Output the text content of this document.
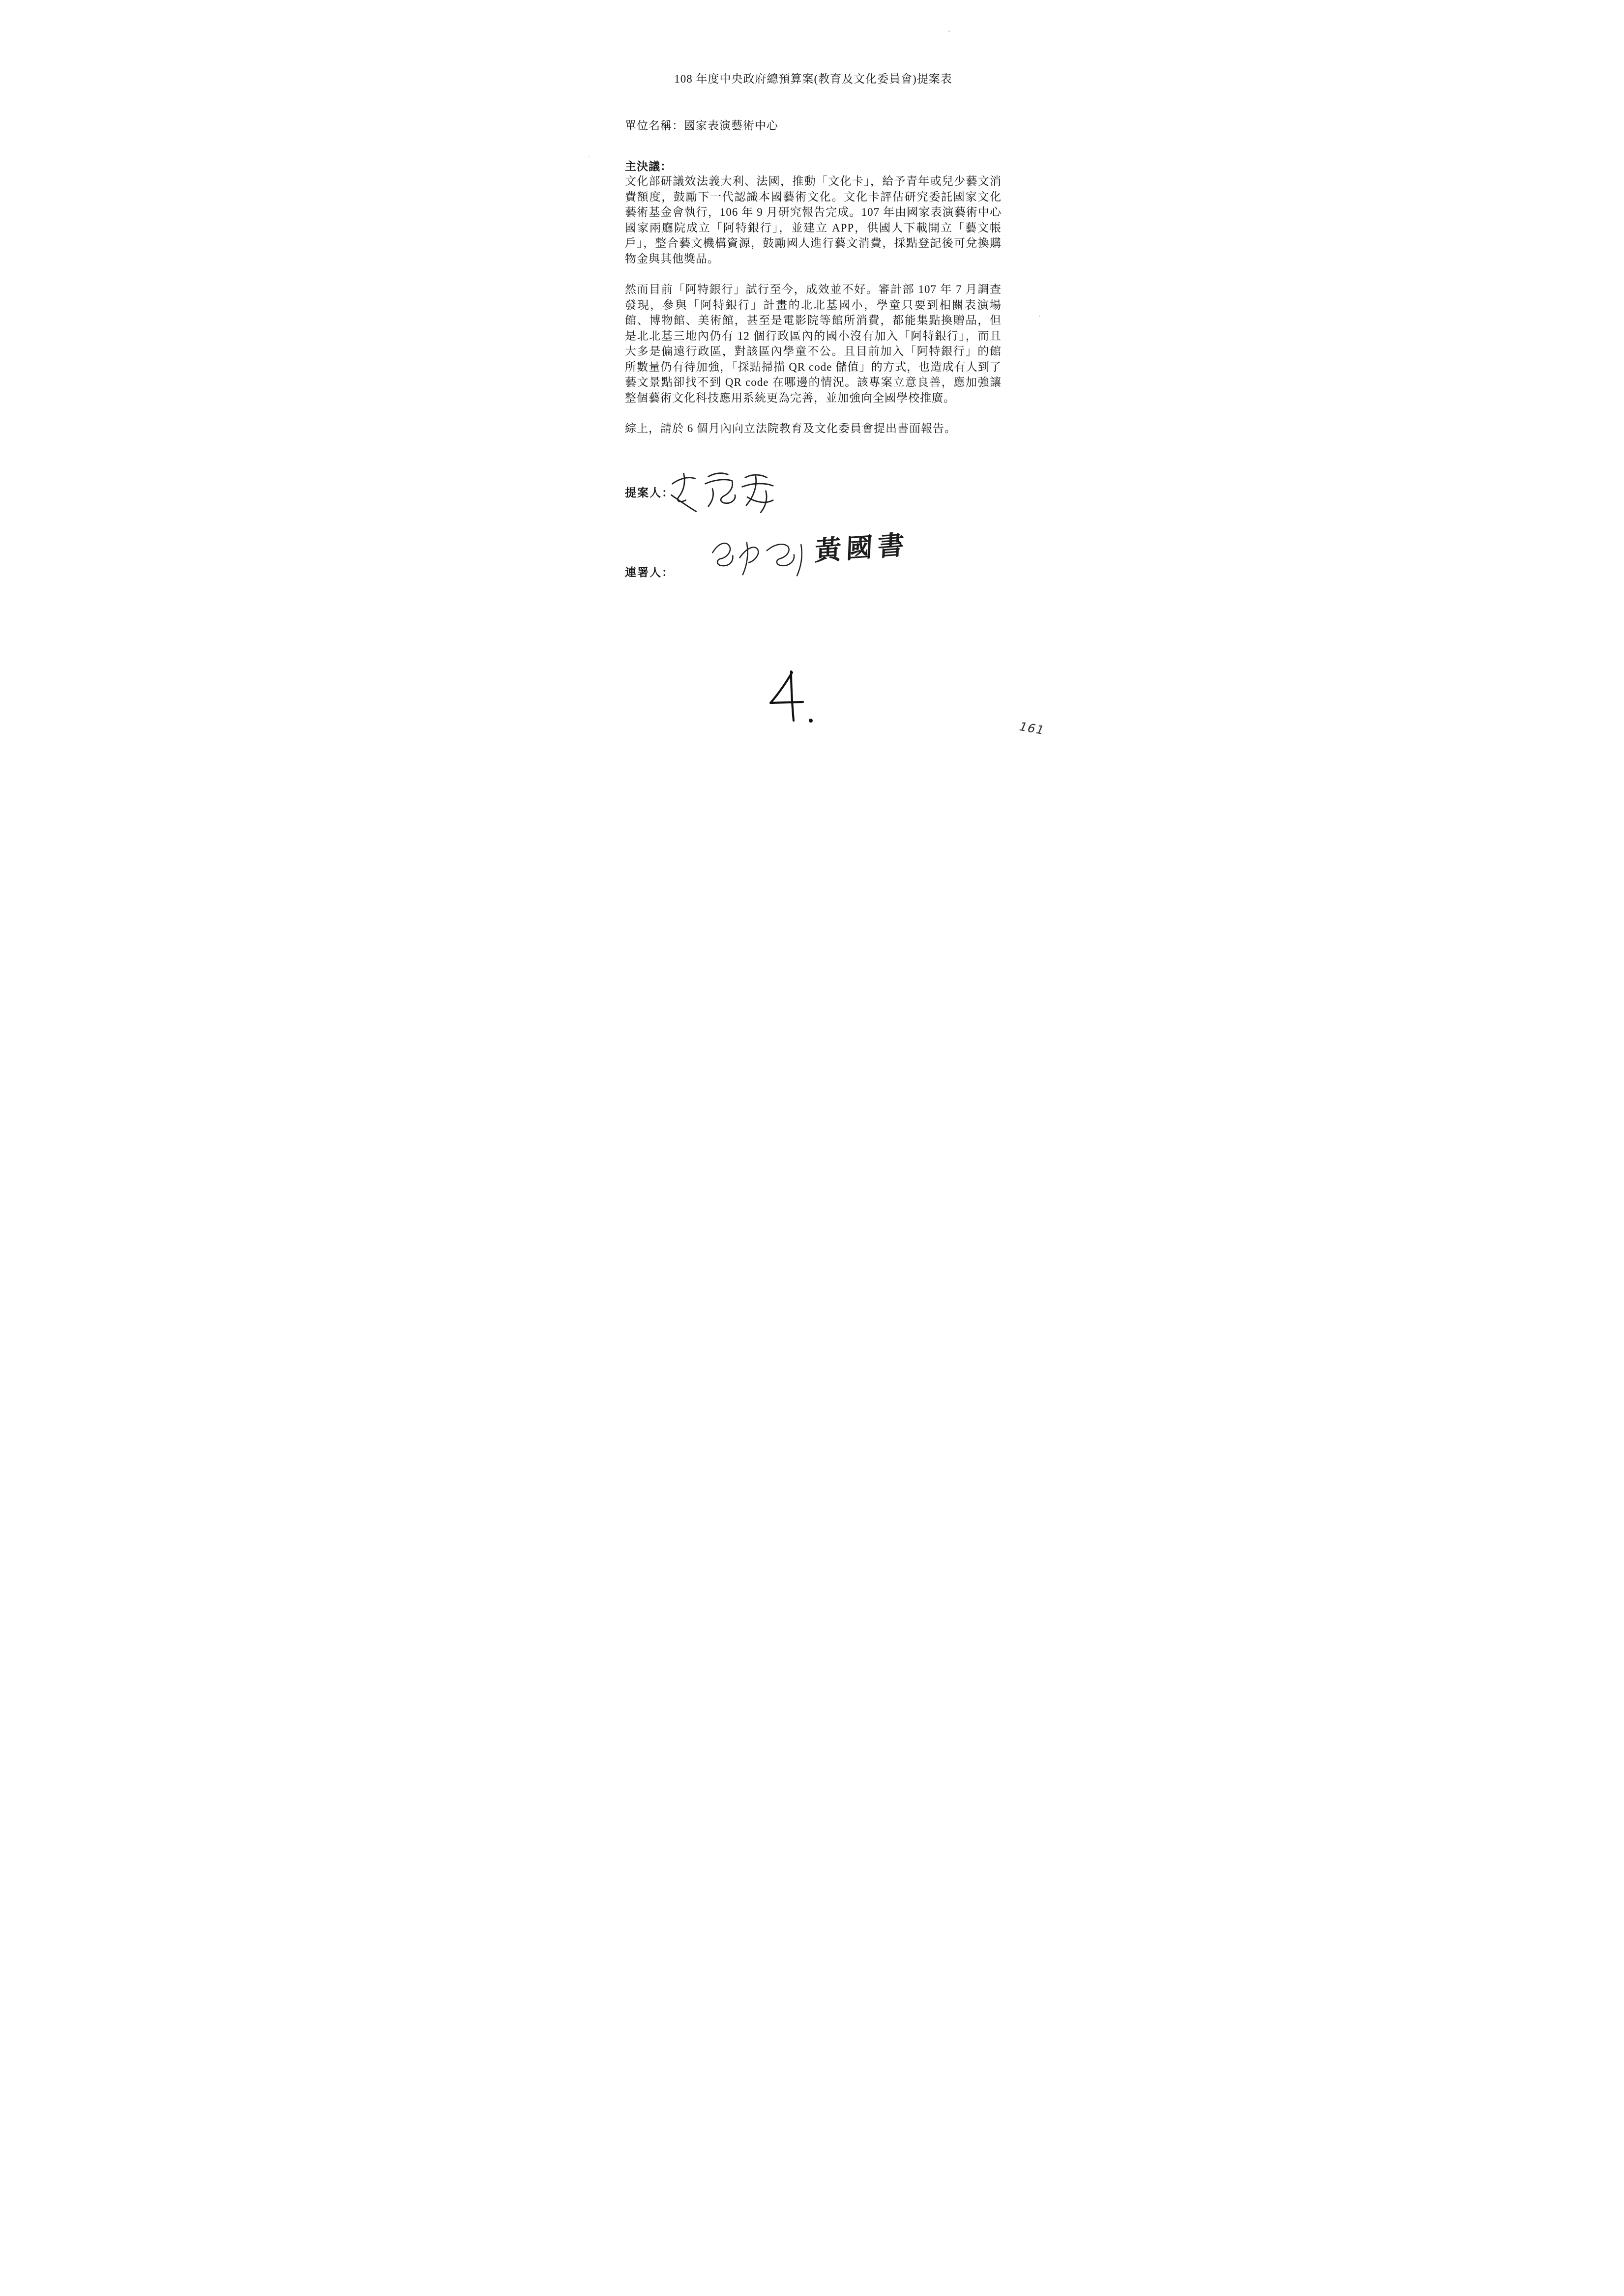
108 年度中央政府總預算案(教育及文化委員會)提案表

單位名稱：國家表演藝術中心

主決議：

文化部研議效法義大利、法國，推動「文化卡」，給予青年或兒少藝文消費額度，鼓勵下一代認識本國藝術文化。文化卡評估研究委託國家文化藝術基金會執行，106 年 9 月研究報告完成。107 年由國家表演藝術中心國家兩廳院成立「阿特銀行」，並建立 APP，供國人下載開立「藝文帳戶」，整合藝文機構資源，鼓勵國人進行藝文消費，採點登記後可兌換購物金與其他獎品。

然而目前「阿特銀行」試行至今，成效並不好。審計部 107 年 7 月調查發現，參與「阿特銀行」計畫的北北基國小，學童只要到相關表演場館、博物館、美術館，甚至是電影院等館所消費，都能集點換贈品，但是北北基三地內仍有 12 個行政區內的國小沒有加入「阿特銀行」，而且大多是偏遠行政區，對該區內學童不公。且目前加入「阿特銀行」的館所數量仍有待加強，「採點掃描 QR code 儲值」的方式，也造成有人到了藝文景點卻找不到 QR code 在哪邊的情況。該專案立意良善，應加強讓整個藝術文化科技應用系統更為完善，並加強向全國學校推廣。

綜上，請於 6 個月內向立法院教育及文化委員會提出書面報告。

提案人：
連署人：
黃國書
161
